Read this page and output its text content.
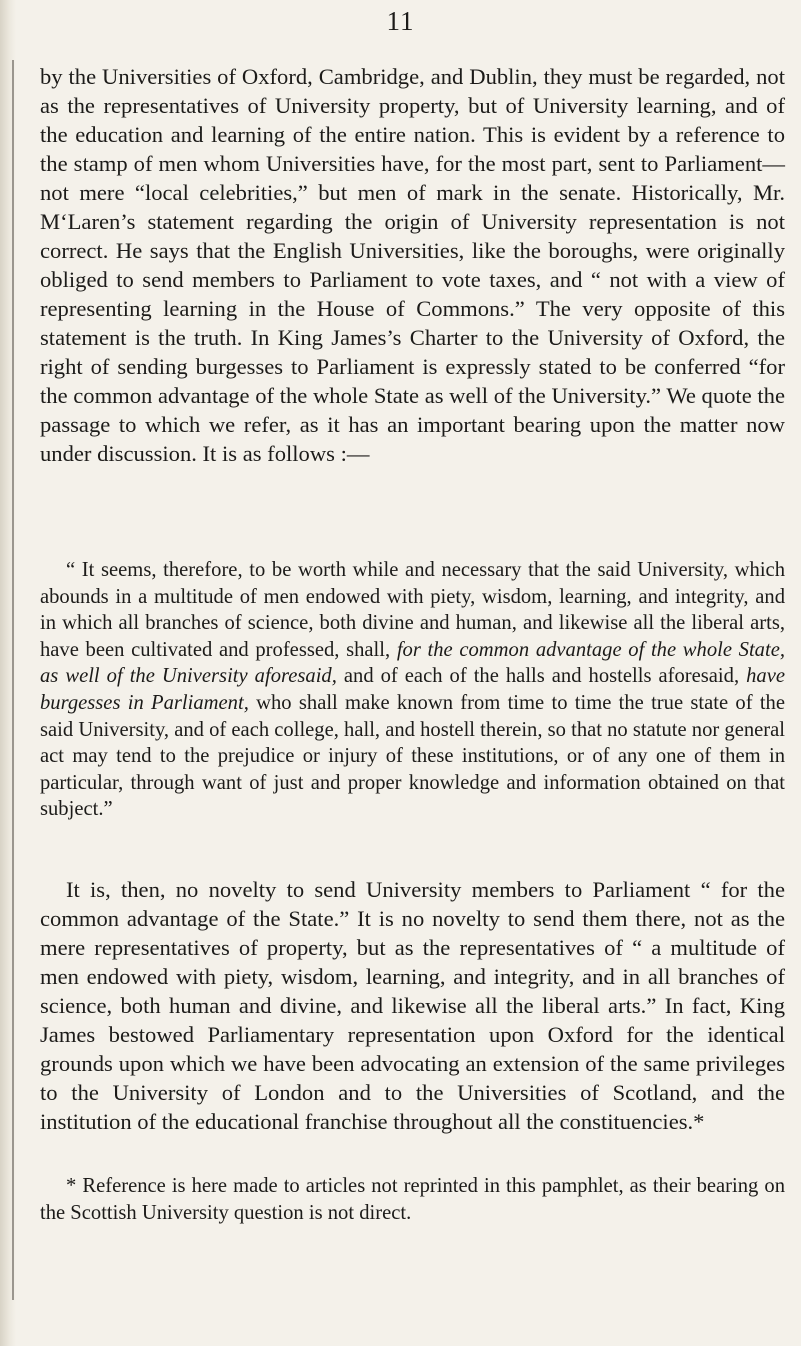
11

by the Universities of Oxford, Cambridge, and Dublin, they must be regarded, not as the representatives of University property, but of University learning, and of the education and learning of the entire nation. This is evident by a reference to the stamp of men whom Universities have, for the most part, sent to Parliament—not mere “local celebrities,” but men of mark in the senate. Historically, Mr. M‘Laren’s statement regarding the origin of University representation is not correct. He says that the English Universities, like the boroughs, were originally obliged to send members to Parliament to vote taxes, and “ not with a view of representing learning in the House of Commons.” The very opposite of this statement is the truth. In King James’s Charter to the University of Oxford, the right of sending burgesses to Parliament is expressly stated to be conferred “for the common advantage of the whole State as well of the University.” We quote the passage to which we refer, as it has an important bearing upon the matter now under discussion. It is as follows :—

“ It seems, therefore, to be worth while and necessary that the said University, which abounds in a multitude of men endowed with piety, wisdom, learning, and integrity, and in which all branches of science, both divine and human, and likewise all the liberal arts, have been cultivated and professed, shall, for the common advantage of the whole State, as well of the University aforesaid, and of each of the halls and hostells aforesaid, have burgesses in Parliament, who shall make known from time to time the true state of the said University, and of each college, hall, and hostell therein, so that no statute nor general act may tend to the prejudice or injury of these institutions, or of any one of them in particular, through want of just and proper knowledge and information obtained on that subject.”

It is, then, no novelty to send University members to Parliament “ for the common advantage of the State.” It is no novelty to send them there, not as the mere representatives of property, but as the representatives of “ a multitude of men endowed with piety, wisdom, learning, and integrity, and in all branches of science, both human and divine, and likewise all the liberal arts.” In fact, King James bestowed Parliamentary representation upon Oxford for the identical grounds upon which we have been advocating an extension of the same privileges to the University of London and to the Universities of Scotland, and the institution of the educational franchise throughout all the constituencies.*

* Reference is here made to articles not reprinted in this pamphlet, as their bearing on the Scottish University question is not direct.
